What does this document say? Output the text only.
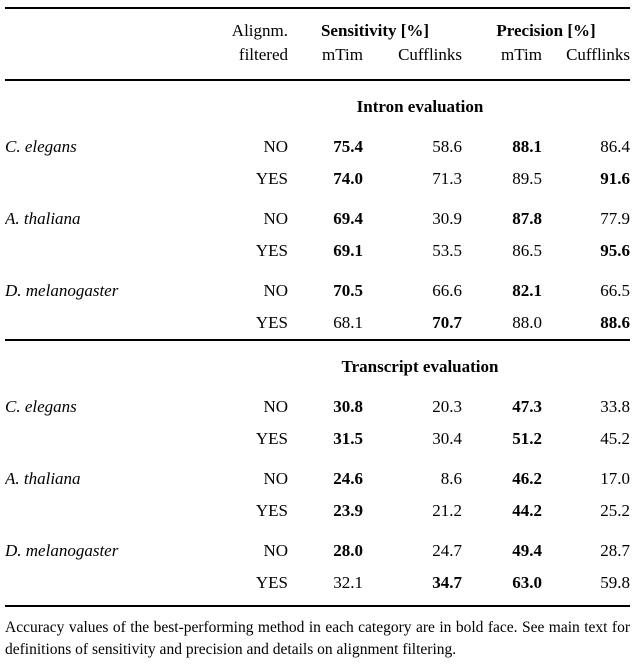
	Alignm.	Sensitivity [%]		Precision [%]	
	filtered	mTim	Cufflinks	mTim	Cufflinks
	Intron evaluation				
C. elegans	NO	75.4	58.6	88.1	86.4
	YES	74.0	71.3	89.5	91.6
A. thaliana	NO	69.4	30.9	87.8	77.9
	YES	69.1	53.5	86.5	95.6
D. melanogaster	NO	70.5	66.6	82.1	66.5
	YES	68.1	70.7	88.0	88.6
	Transcript evaluation				
C. elegans	NO	30.8	20.3	47.3	33.8
	YES	31.5	30.4	51.2	45.2
A. thaliana	NO	24.6	8.6	46.2	17.0
	YES	23.9	21.2	44.2	25.2
D. melanogaster	NO	28.0	24.7	49.4	28.7
	YES	32.1	34.7	63.0	59.8

Accuracy values of the best-performing method in each category are in bold face. See main text for definitions of sensitivity and precision and details on alignment filtering.
